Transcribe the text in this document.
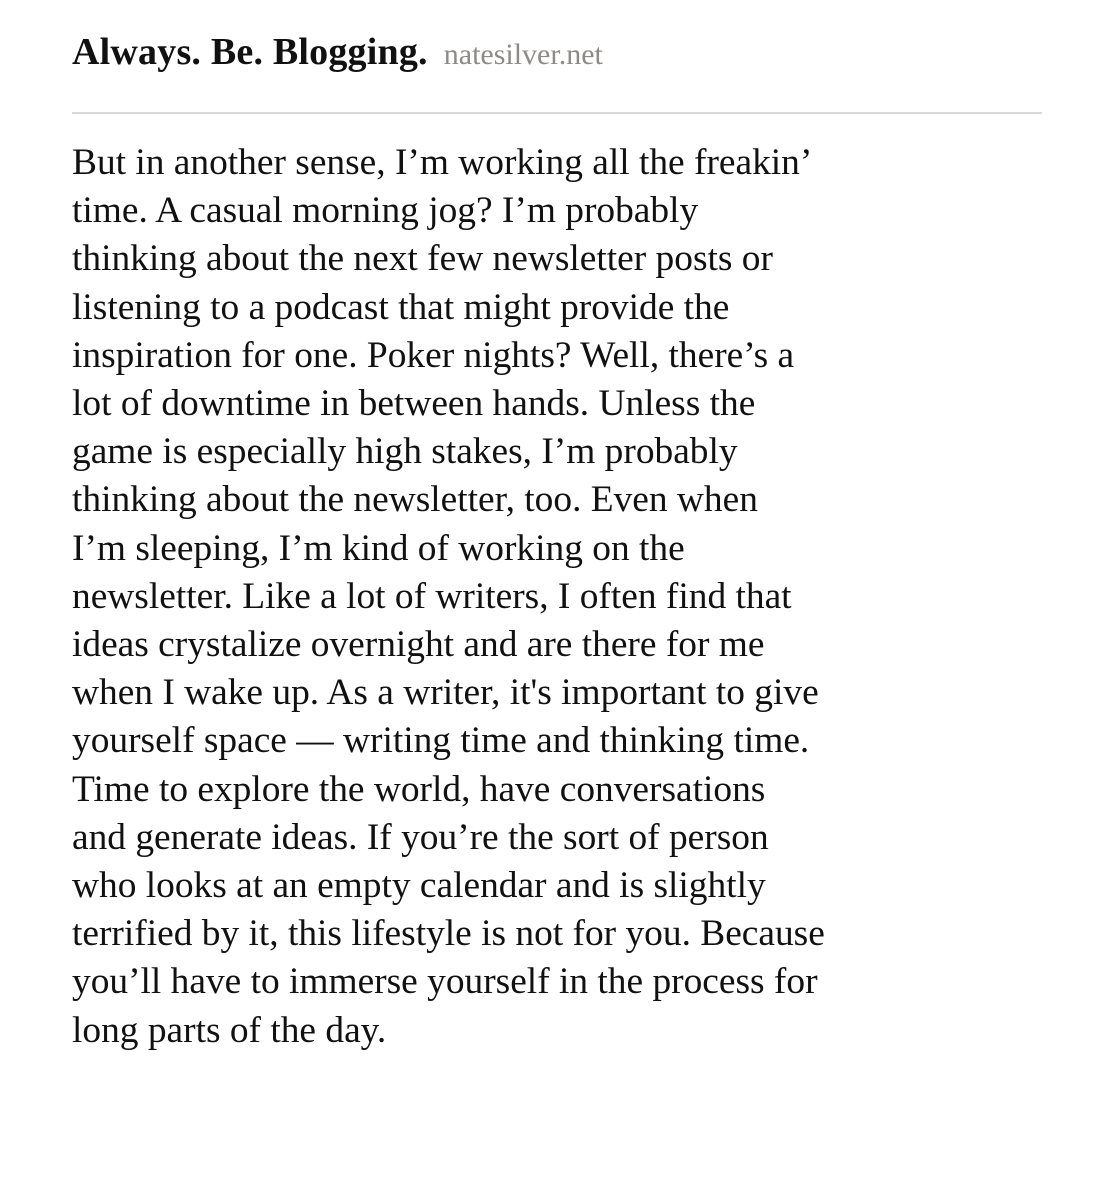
Always. Be. Blogging. natesilver.net
But in another sense, I’m working all the freakin’
time. A casual morning jog? I’m probably
thinking about the next few newsletter posts or
listening to a podcast that might provide the
inspiration for one. Poker nights? Well, there’s a
lot of downtime in between hands. Unless the
game is especially high stakes, I’m probably
thinking about the newsletter, too. Even when
I’m sleeping, I’m kind of working on the
newsletter. Like a lot of writers, I often find that
ideas crystalize overnight and are there for me
when I wake up. As a writer, it's important to give
yourself space — writing time and thinking time.
Time to explore the world, have conversations
and generate ideas. If you’re the sort of person
who looks at an empty calendar and is slightly
terrified by it, this lifestyle is not for you. Because
you’ll have to immerse yourself in the process for
long parts of the day.
